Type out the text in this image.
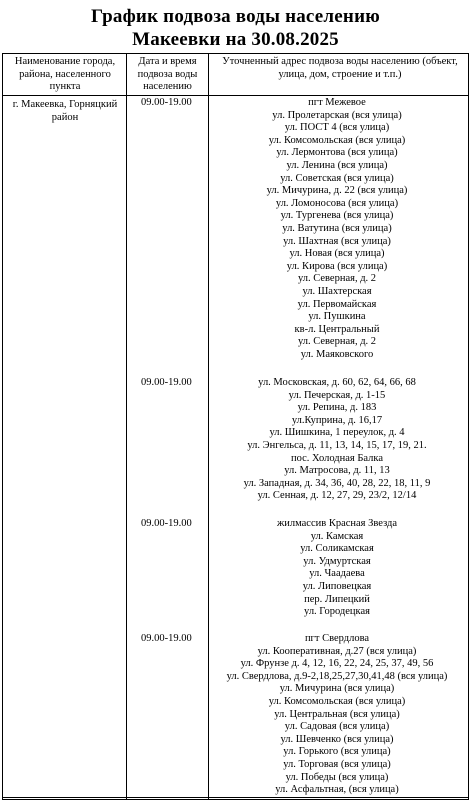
График подвоза воды населению
Макеевки на 30.08.2025
Наименование города, района, населенного пункта
Дата и время подвоза воды населению
Уточненный адрес подвоза воды населению (объект, улица, дом, строение и т.п.)
г. Макеевка, Горняцкий район
09.00-19.00	пгт Межевое
ул. Пролетарская (вся улица)
ул. ПОСТ 4 (вся улица)
ул. Комсомольская (вся улица)
ул. Лермонтова (вся улица)
ул. Ленина (вся улица)
ул. Советская (вся улица)
ул. Мичурина, д. 22 (вся улица)
ул. Ломоносова (вся улица)
ул. Тургенева (вся улица)
ул. Ватутина (вся улица)
ул. Шахтная (вся улица)
ул. Новая (вся улица)
ул. Кирова (вся улица)
ул. Северная, д. 2
ул. Шахтерская
ул. Первомайская
ул. Пушкина
кв-л. Центральный
ул. Северная, д. 2
ул. Маяковского
09.00-19.00	ул. Московская, д. 60, 62, 64, 66, 68
ул. Печерская, д. 1-15
ул. Репина, д. 183
ул.Куприна, д. 16,17
ул. Шишкина, 1 переулок, д. 4
ул. Энгельса, д. 11, 13, 14, 15, 17, 19, 21.
пос. Холодная Балка
ул. Матросова, д. 11, 13
ул. Западная, д. 34, 36, 40, 28, 22, 18, 11, 9
ул. Сенная, д. 12, 27, 29, 23/2, 12/14
09.00-19.00	жилмассив Красная Звезда
ул. Камская
ул. Соликамская
ул. Удмуртская
ул. Чаадаева
ул. Липовецкая
пер. Липецкий
ул. Городецкая
09.00-19.00	пгт Свердлова
ул. Кооперативная, д.27 (вся улица)
ул. Фрунзе д. 4, 12, 16, 22, 24, 25, 37, 49, 56
ул. Свердлова, д.9-2,18,25,27,30,41,48 (вся улица)
ул. Мичурина (вся улица)
ул. Комсомольская (вся улица)
ул. Центральная (вся улица)
ул. Садовая (вся улица)
ул. Шевченко (вся улица)
ул. Горького (вся улица)
ул. Торговая (вся улица)
ул. Победы (вся улица)
ул. Асфальтная, (вся улица)
